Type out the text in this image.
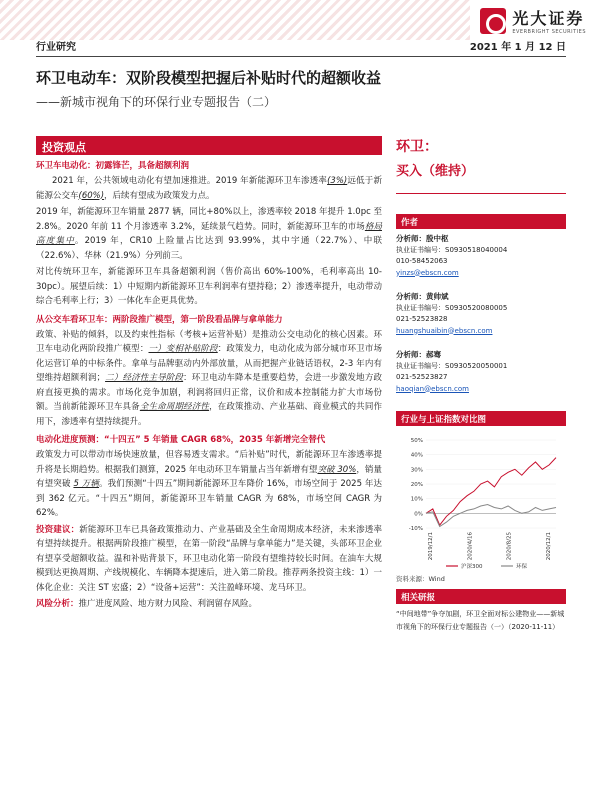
光大证券
EVERBRIGHT SECURITIES
行业研究	2021 年 1 月 12 日
环卫电动车：双阶段模型把握后补贴时代的超额收益
——新城市视角下的环保行业专题报告（二）
投资观点
环卫车电动化：初露锋芒，具备超额利润

2021 年，公共领域电动化有望加速推进。2019 年新能源环卫车渗透率(3%)远低于新能源公交车(60%)，后续有望成为政策发力点。

2019 年，新能源环卫车销量 2877 辆，同比+80%以上，渗透率较 2018 年提升 1.0pc 至 2.8%。2020 年前 11 个月渗透率 3.2%，延续景气趋势。同时，新能源环卫车的市场格局高度集中。2019 年，CR10 上险量占比达到 93.99%，其中宇通（22.7%）、中联（22.6%）、华林（21.9%）分列前三。

对比传统环卫车，新能源环卫车具备超额利润（售价高出 60%-100%，毛利率高出 10-30pc）。展望后续：1）中短期内新能源环卫车利润率有望持稳；2）渗透率提升，电动带动综合毛利率上行；3）一体化车企更具优势。

从公交车看环卫车：两阶段推广模型，第一阶段看品牌与拿单能力

政策、补贴的倾斜，以及约束性指标（考核+运营补贴）是推动公交电动化的核心因素。环卫车电动化两阶段推广模型：一）变相补贴阶段：政策发力，电动化成为部分城市环卫市场化运营订单的中标条件。拿单与品牌驱动内外部放量，从而把握产业链话语权，2-3 年内有望维持超额利润；二）经济性主导阶段：环卫电动车降本是重要趋势，会进一步激发地方政府直接更换的需求。市场化竞争加剧，利润将回归正常，议价和成本控制能力扩大市场份额。当前新能源环卫车具备全生命周期经济性，在政策推动、产业基础、商业模式的共同作用下，渗透率有望持续提升。

电动化进度预测：“十四五” 5 年销量 CAGR 68%，2035 年新增完全替代

政策发力可以带动市场快速放量，但容易透支需求。“后补贴”时代，新能源环卫车渗透率提升将是长期趋势。根据我们测算，2025 年电动环卫车销量占当年新增有望突破 30%，销量有望突破 5 万辆。我们预测“十四五”期间新能源环卫车降价 16%，市场空间于 2025 年达到 362 亿元。“十四五”期间，新能源环卫车销量 CAGR 为 68%，市场空间 CAGR 为 62%。

投资建议：新能源环卫车已具备政策推动力、产业基础及全生命周期成本经济，未来渗透率有望持续提升。根据两阶段推广模型，在第一阶段“品牌与拿单能力”是关键，头部环卫企业有望享受超额收益。温和补贴背景下，环卫电动化第一阶段有望维持较长时间。在油车大规模到达更换周期、产线规模化、车辆降本提速后，进入第二阶段。推荐两条投资主线：1）一体化企业：关注 ST 宏盛；2）“设备+运营”：关注盈峰环境、龙马环卫。

风险分析：推广进度风险、地方财力风险、利润留存风险。

环卫：
买入（维持）
作者
分析师：殷中枢
执业证书编号：S0930518040004
010-58452063
yinzs@ebscn.com
分析师：黄帅斌
执业证书编号：S0930520080005
021-52523828
huangshuaibin@ebscn.com
分析师：郝骞
执业证书编号：S0930520050001
021-52523827
haoqian@ebscn.com
行业与上证指数对比图
50%
40%
30%
20%
10%
0%
-10%
2019/12/1	2020/4/16	2020/8/25	2020/12/1
沪深300	环保
资料来源：Wind
相关研报
“中间地带”争夺加剧，环卫全面对标公建物业——新城市视角下的环保行业专题报告（一）（2020-11-11）
